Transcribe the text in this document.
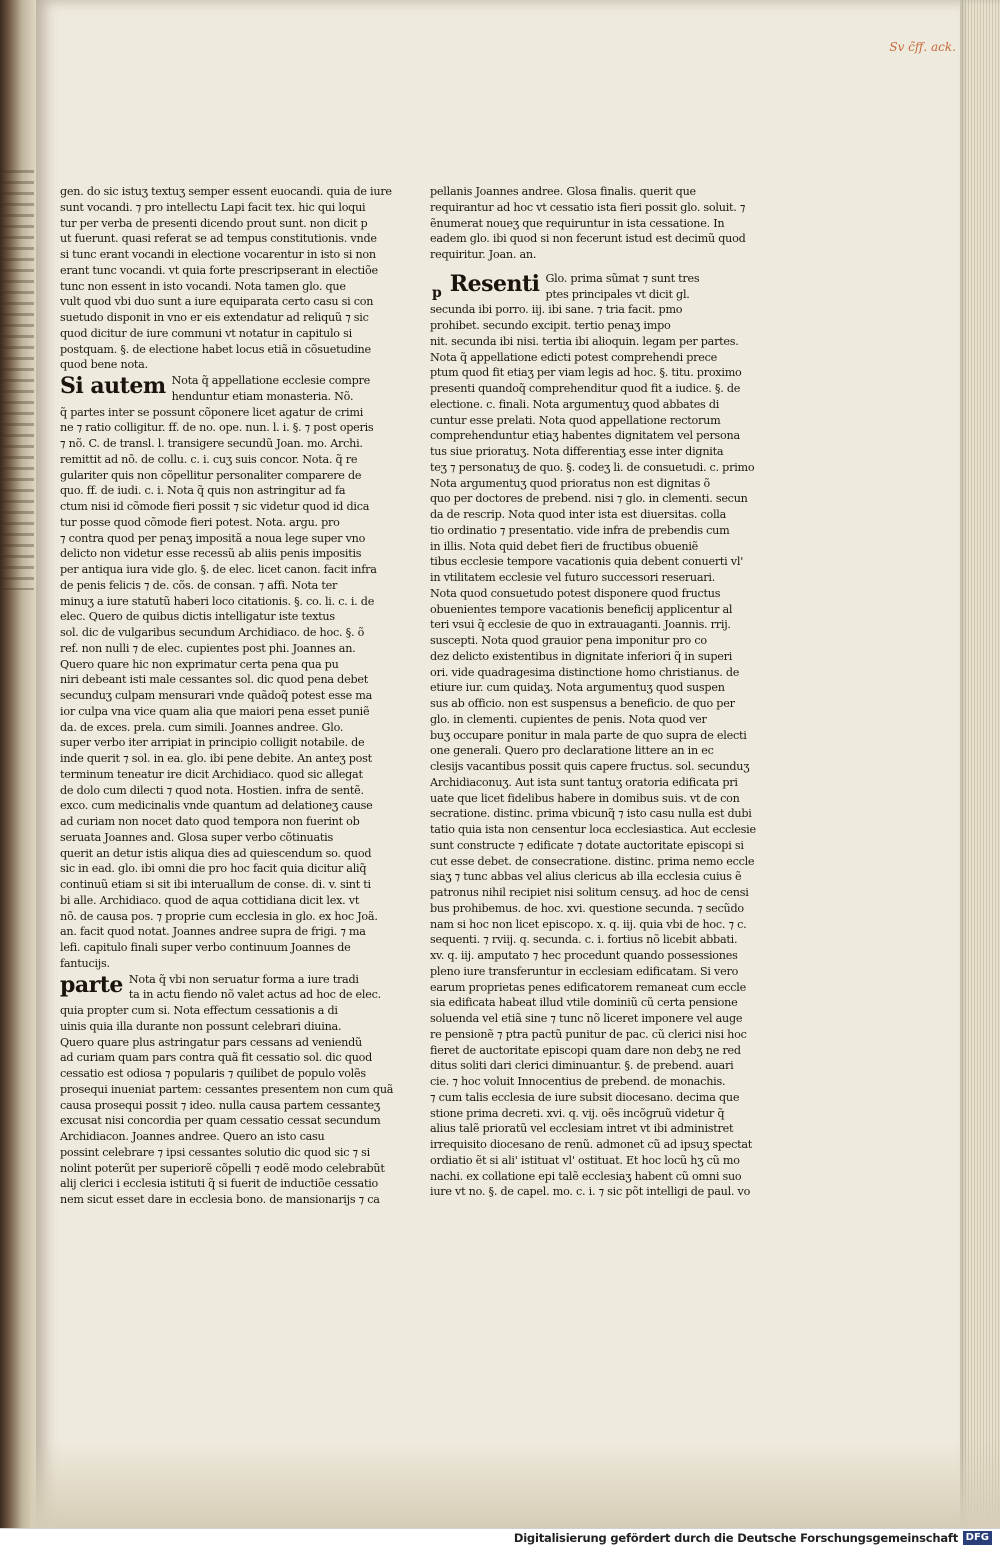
Sv c̃ff. ack.
gen. do sic istuʒ textuʒ semper essent euocandi. quia de iure
sunt vocandi. ⁊ pro intellectu Lapi facit tex. hic qui loqui
tur per verba de presenti dicendo prout sunt. non dicit p
ut fuerunt. quasi referat se ad tempus constitutionis. vnde
si tunc erant vocandi in electione vocarentur in isto si non
erant tunc vocandi. vt quia forte prescripserant in electiõe
tunc non essent in isto vocandi. Nota tamen glo. que
vult quod vbi duo sunt a iure equiparata certo casu si con
suetudo disponit in vno er eis extendatur ad reliquũ ⁊ sic
quod dicitur de iure communi vt notatur in capitulo si
postquam. §. de electione habet locus etiã in cõsuetudine
quod bene nota.
Si autem Nota q̃ appellatione ecclesie compre
henduntur etiam monasteria. Nõ.
q̃ partes inter se possunt cõponere licet agatur de crimi
ne ⁊ ratio colligitur. ff. de no. ope. nun. l. i. §. ⁊ post operis
⁊ nõ. C. de transl. l. transigere secundũ Joan. mo. Archi.
remittit ad nõ. de collu. c. i. cuʒ suis concor. Nota. q̃ re
gulariter quis non cõpellitur personaliter comparere de
quo. ff. de iudi. c. i. Nota q̃ quis non astringitur ad fa
ctum nisi id cõmode fieri possit ⁊ sic videtur quod id dica
tur posse quod cõmode fieri potest. Nota. argu. pro
⁊ contra quod per penaʒ impositã a noua lege super vno
delicto non videtur esse recessũ ab aliis penis impositis
per antiqua iura vide glo. §. de elec. licet canon. facit infra
de penis felicis ⁊ de. cõs. de consan. ⁊ affi. Nota ter
minuʒ a iure statutũ haberi loco citationis. §. co. li. c. i. de
elec. Quero de quibus dictis intelligatur iste textus
sol. dic de vulgaribus secundum Archidiaco. de hoc. §. õ
ref. non nulli ⁊ de elec. cupientes post phi. Joannes an.
Quero quare hic non exprimatur certa pena qua pu
niri debeant isti male cessantes sol. dic quod pena debet
secunduʒ culpam mensurari vnde quãdoq̃ potest esse ma
ior culpa vna vice quam alia que maiori pena esset puniẽ
da. de exces. prela. cum simili. Joannes andree. Glo.
super verbo iter arripiat in principio colligit notabile. de
inde querit ⁊ sol. in ea. glo. ibi pene debite. An anteʒ post
terminum teneatur ire dicit Archidiaco. quod sic allegat
de dolo cum dilecti ⁊ quod nota. Hostien. infra de sentẽ.
exco. cum medicinalis vnde quantum ad delationeʒ cause
ad curiam non nocet dato quod tempora non fuerint ob
seruata Joannes and. Glosa super verbo cõtinuatis
querit an detur istis aliqua dies ad quiescendum so. quod
sic in ead. glo. ibi omni die pro hoc facit quia dicitur aliq̃
continuũ etiam si sit ibi interuallum de conse. di. v. sint ti
bi alle. Archidiaco. quod de aqua cottidiana dicit lex. vt
nõ. de causa pos. ⁊ proprie cum ecclesia in glo. ex hoc Joã.
an. facit quod notat. Joannes andree supra de frigi. ⁊ ma
lefi. capitulo finali super verbo continuum Joannes de
fantucijs.
parte Nota q̃ vbi non seruatur forma a iure tradi
ta in actu fiendo nõ valet actus ad hoc de elec.
quia propter cum si. Nota effectum cessationis a di
uinis quia illa durante non possunt celebrari diuina.
Quero quare plus astringatur pars cessans ad veniendũ
ad curiam quam pars contra quã fit cessatio sol. dic quod
cessatio est odiosa ⁊ popularis ⁊ quilibet de populo volẽs
prosequi inueniat partem: cessantes presentem non cum quã
causa prosequi possit ⁊ ideo. nulla causa partem cessanteʒ
excusat nisi concordia per quam cessatio cessat secundum
Archidiacon. Joannes andree. Quero an isto casu
possint celebrare ⁊ ipsi cessantes solutio dic quod sic ⁊ si
nolint poterũt per superiorẽ cõpelli ⁊ eodẽ modo celebrabũt
alij clerici i ecclesia istituti q̃ si fuerit de inductiõe cessatio
nem sicut esset dare in ecclesia bono. de mansionarijs ⁊ ca
pellanis Joannes andree. Glosa finalis. querit que
requirantur ad hoc vt cessatio ista fieri possit glo. soluit. ⁊
ẽnumerat noueʒ que requiruntur in ista cessatione. In
eadem glo. ibi quod si non fecerunt istud est decimũ quod
requiritur. Joan. an.
p Resenti Glo. prima sũmat ⁊ sunt tres
ptes principales vt dicit gl.
secunda ibi porro. iij. ibi sane. ⁊ tria facit. pmo
prohibet. secundo excipit. tertio penaʒ impo
nit. secunda ibi nisi. tertia ibi alioquin. legam per partes.
Nota q̃ appellatione edicti potest comprehendi prece
ptum quod fit etiaʒ per viam legis ad hoc. §. titu. proximo
presenti quandoq̃ comprehenditur quod fit a iudice. §. de
electione. c. finali. Nota argumentuʒ quod abbates di
cuntur esse prelati. Nota quod appellatione rectorum
comprehenduntur etiaʒ habentes dignitatem vel persona
tus siue prioratuʒ. Nota differentiaʒ esse inter dignita
teʒ ⁊ personatuʒ de quo. §. codeʒ li. de consuetudi. c. primo
Nota argumentuʒ quod prioratus non est dignitas õ
quo per doctores de prebend. nisi ⁊ glo. in clementi. secun
da de rescrip. Nota quod inter ista est diuersitas. colla
tio ordinatio ⁊ presentatio. vide infra de prebendis cum
in illis. Nota quid debet fieri de fructibus obueniẽ
tibus ecclesie tempore vacationis quia debent conuerti vl'
in vtilitatem ecclesie vel futuro successori reseruari.
Nota quod consuetudo potest disponere quod fructus
obuenientes tempore vacationis beneficij applicentur al
teri vsui q̃ ecclesie de quo in extrauaganti. Joannis. rrij.
suscepti. Nota quod grauior pena imponitur pro co
dez delicto existentibus in dignitate inferiori q̃ in superi
ori. vide quadragesima distinctione homo christianus. de
etiure iur. cum quidaʒ. Nota argumentuʒ quod suspen
sus ab officio. non est suspensus a beneficio. de quo per
glo. in clementi. cupientes de penis. Nota quod ver
buʒ occupare ponitur in mala parte de quo supra de electi
one generali. Quero pro declaratione littere an in ec
clesijs vacantibus possit quis capere fructus. sol. secunduʒ
Archidiaconuʒ. Aut ista sunt tantuʒ oratoria edificata pri
uate que licet fidelibus habere in domibus suis. vt de con
secratione. distinc. prima vbicunq̃ ⁊ isto casu nulla est dubi
tatio quia ista non censentur loca ecclesiastica. Aut ecclesie
sunt constructe ⁊ edificate ⁊ dotate auctoritate episcopi si
cut esse debet. de consecratione. distinc. prima nemo eccle
siaʒ ⁊ tunc abbas vel alius clericus ab illa ecclesia cuius ẽ
patronus nihil recipiet nisi solitum censuʒ. ad hoc de censi
bus prohibemus. de hoc. xvi. questione secunda. ⁊ secũdo
nam si hoc non licet episcopo. x. q. iij. quia vbi de hoc. ⁊ c.
sequenti. ⁊ rviij. q. secunda. c. i. fortius nõ licebit abbati.
xv. q. iij. amputato ⁊ hec procedunt quando possessiones
pleno iure transferuntur in ecclesiam edificatam. Si vero
earum proprietas penes edificatorem remaneat cum eccle
sia edificata habeat illud vtile dominiũ cũ certa pensione
soluenda vel etiã sine ⁊ tunc nõ liceret imponere vel auge
re pensionẽ ⁊ ptra pactũ punitur de pac. cũ clerici nisi hoc
fieret de auctoritate episcopi quam dare non debʒ ne red
ditus soliti dari clerici diminuantur. §. de prebend. auari
cie. ⁊ hoc voluit Innocentius de prebend. de monachis.
⁊ cum talis ecclesia de iure subsit diocesano. decima que
stione prima decreti. xvi. q. vij. oẽs incõgruũ videtur q̃
alius talẽ prioratũ vel ecclesiam intret vt ibi administret
irrequisito diocesano de renũ. admonet cũ ad ipsuʒ spectat
ordiatio ẽt si ali' istituat vl' ostituat. Et hoc locũ hʒ cũ mo
nachi. ex collatione epi talẽ ecclesiaʒ habent cũ omni suo
iure vt no. §. de capel. mo. c. i. ⁊ sic põt intelligi de paul. vo
Digitalisierung gefördert durch die Deutsche Forschungsgemeinschaft DFG
